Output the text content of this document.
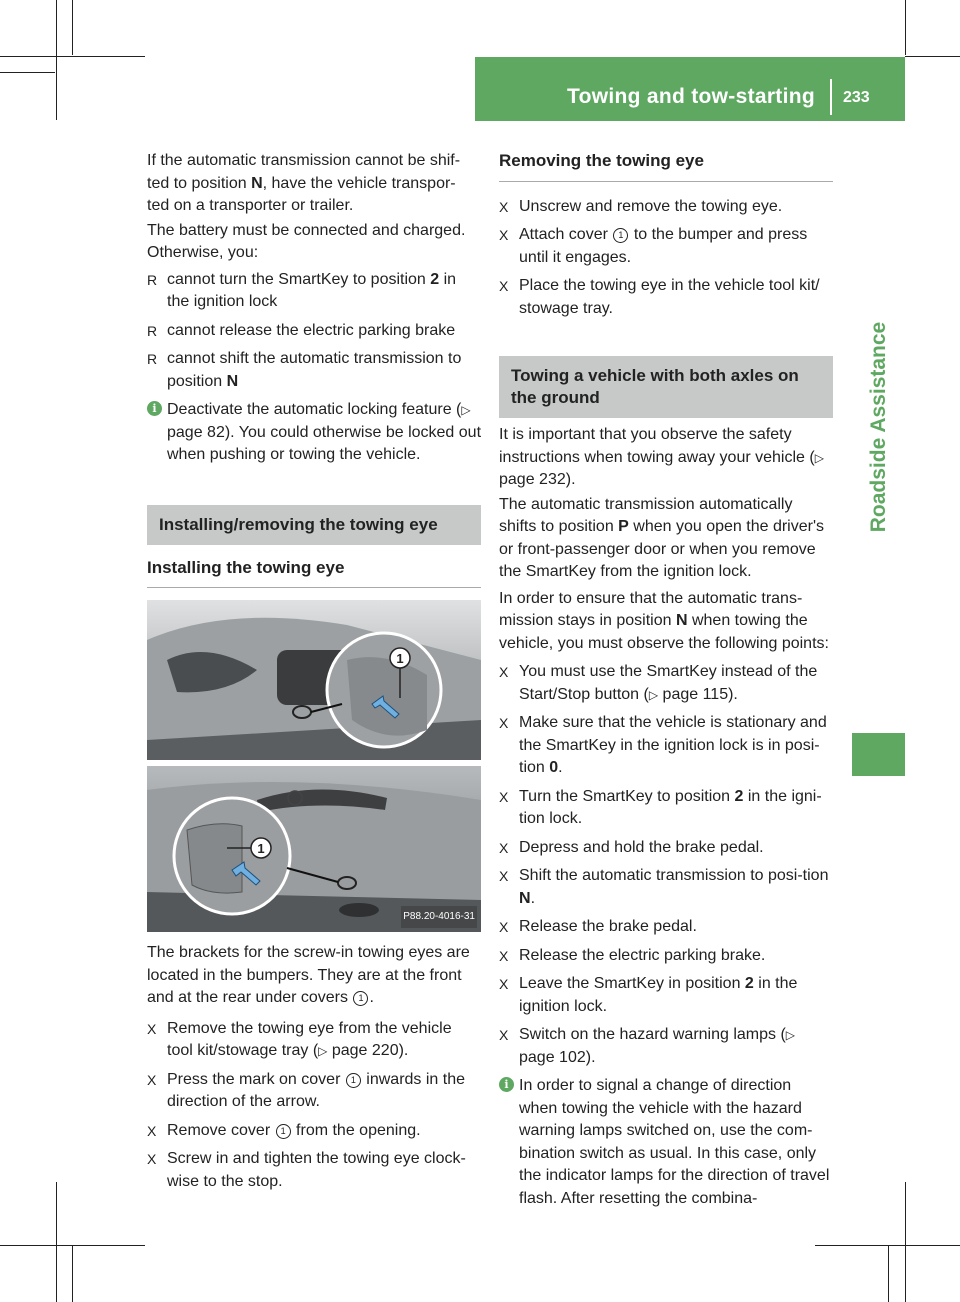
Towing and tow-starting 233
Roadside Assistance

If the automatic transmission cannot be shif-
ted to position N, have the vehicle transpor-
ted on a transporter or trailer.

The battery must be connected and charged. Otherwise, you:

R cannot turn the SmartKey to position 2 in the ignition lock
R cannot release the electric parking brake
R cannot shift the automatic transmission to position N

i Deactivate the automatic locking feature (▷ page 82). You could otherwise be locked out when pushing or towing the vehicle.

Installing/removing the towing eye
Installing the towing eye
1
1
P88.20-4016-31

The brackets for the screw-in towing eyes are located in the bumpers. They are at the front and at the rear under covers 1 .

X Remove the towing eye from the vehicle tool kit/stowage tray (▷ page 220).
X Press the mark on cover 1 inwards in the direction of the arrow.
X Remove cover 1 from the opening.
X Screw in and tighten the towing eye clock-wise to the stop.
Removing the towing eye
X Unscrew and remove the towing eye.
X Attach cover 1 to the bumper and press until it engages.
X Place the towing eye in the vehicle tool kit/ stowage tray.
Towing a vehicle with both axles on the ground

It is important that you observe the safety instructions when towing away your vehicle (▷ page 232).

The automatic transmission automatically shifts to position P when you open the driver's or front-passenger door or when you remove the SmartKey from the ignition lock.

In order to ensure that the automatic trans-mission stays in position N when towing the vehicle, you must observe the following points:

X You must use the SmartKey instead of the Start/Stop button (▷ page 115).
X Make sure that the vehicle is stationary and the SmartKey in the ignition lock is in posi-tion 0.
X Turn the SmartKey to position 2 in the igni-tion lock.
X Depress and hold the brake pedal.
X Shift the automatic transmission to posi-tion N.
X Release the brake pedal.
X Release the electric parking brake.
X Leave the SmartKey in position 2 in the ignition lock.
X Switch on the hazard warning lamps (▷ page 102).

i In order to signal a change of direction when towing the vehicle with the hazard warning lamps switched on, use the com-bination switch as usual. In this case, only the indicator lamps for the direction of travel flash. After resetting the combina-
